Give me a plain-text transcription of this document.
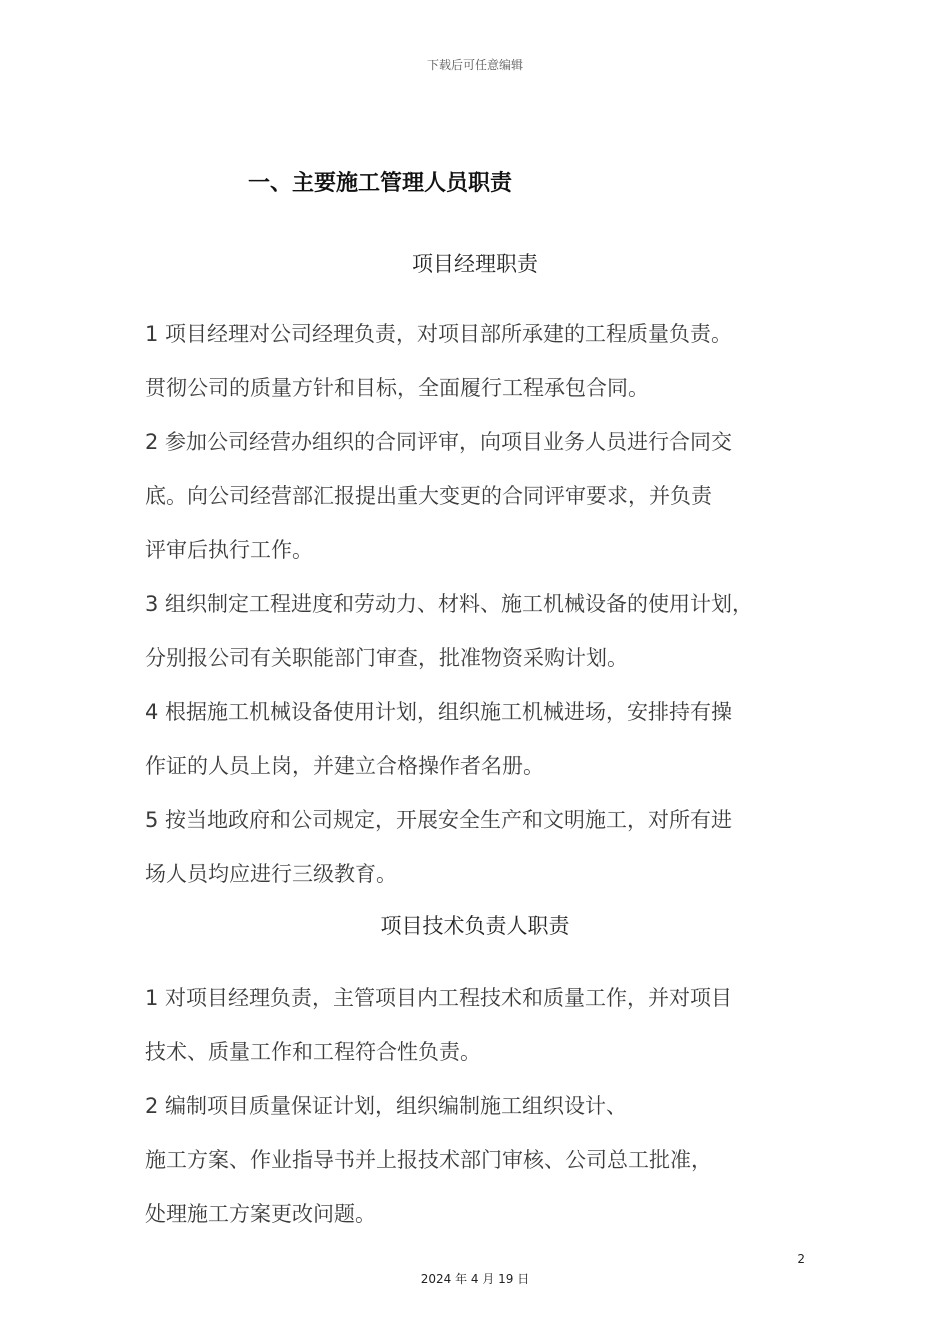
下载后可任意编辑
一、主要施工管理人员职责
项目经理职责
1 项目经理对公司经理负责，对项目部所承建的工程质量负责。
贯彻公司的质量方针和目标，全面履行工程承包合同。
2 参加公司经营办组织的合同评审，向项目业务人员进行合同交
底。向公司经营部汇报提出重大变更的合同评审要求，并负责
评审后执行工作。
3 组织制定工程进度和劳动力、材料、施工机械设备的使用计划，
分别报公司有关职能部门审查，批准物资采购计划。
4 根据施工机械设备使用计划，组织施工机械进场，安排持有操
作证的人员上岗，并建立合格操作者名册。
5 按当地政府和公司规定，开展安全生产和文明施工，对所有进
场人员均应进行三级教育。
项目技术负责人职责
1 对项目经理负责，主管项目内工程技术和质量工作，并对项目
技术、质量工作和工程符合性负责。
2 编制项目质量保证计划，组织编制施工组织设计、
施工方案、作业指导书并上报技术部门审核、公司总工批准，
处理施工方案更改问题。
2
2024 年 4 月 19 日
